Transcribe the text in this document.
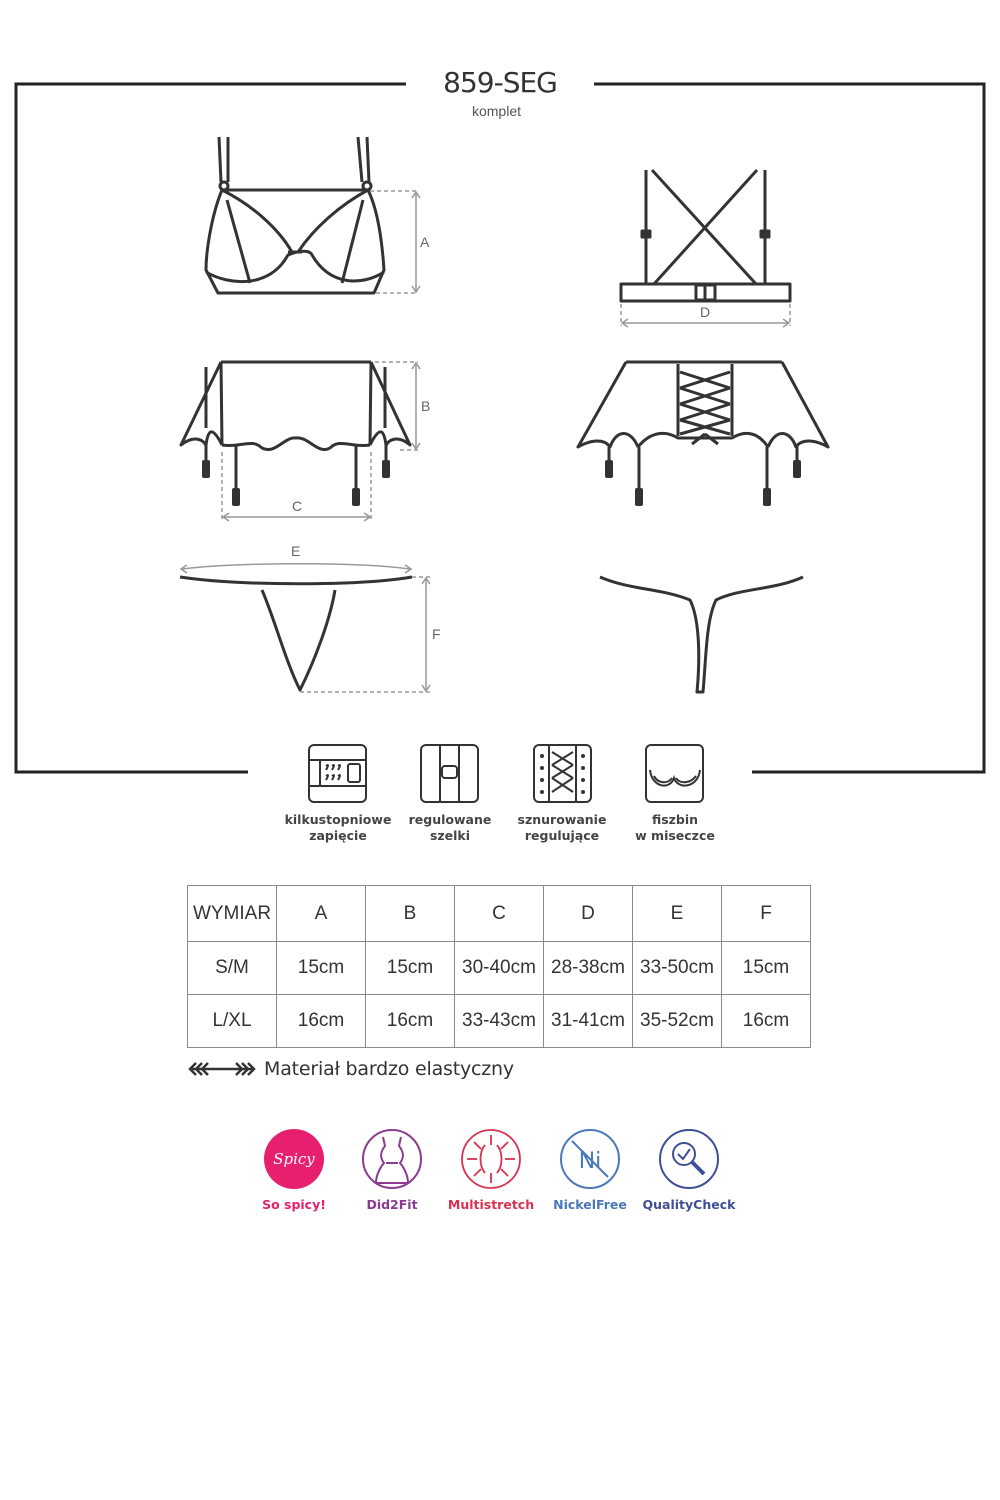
Spicy	Ni
A
B
C
D
E
F
859-SEG
komplet
kilkustopniowe
zapięcie
regulowane
szelki
sznurowanie
regulujące
fiszbin
w miseczce
WYMIAR	A	B	C	D	E	F
S/M	15cm	15cm	30-40cm	28-38cm	33-50cm	15cm
L/XL	16cm	16cm	33-43cm	31-41cm	35-52cm	16cm
Materiał bardzo elastyczny
So spicy!	Did2Fit	Multistretch	NickelFree	QualityCheck
